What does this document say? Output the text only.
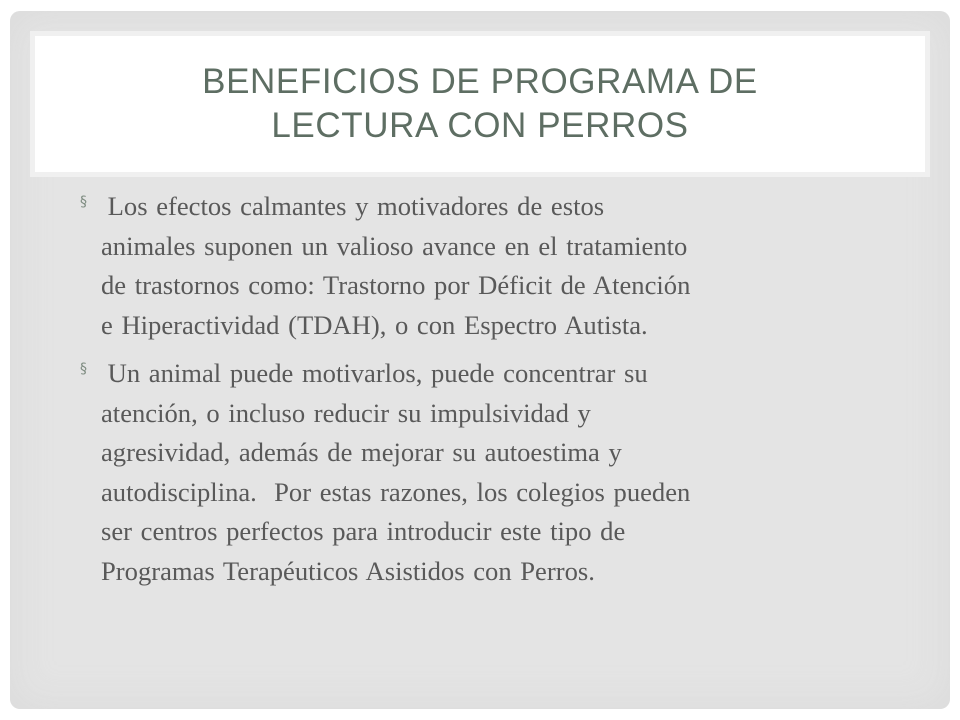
BENEFICIOS DE PROGRAMA DE
LECTURA CON PERROS
§ Los efectos calmantes y motivadores de estos
animales suponen un valioso avance en el tratamiento
de trastornos como: Trastorno por Déficit de Atención
e Hiperactividad (TDAH), o con Espectro Autista.
§ Un animal puede motivarlos, puede concentrar su
atención, o incluso reducir su impulsividad y
agresividad, además de mejorar su autoestima y
autodisciplina.  Por estas razones, los colegios pueden
ser centros perfectos para introducir este tipo de
Programas Terapéuticos Asistidos con Perros.
